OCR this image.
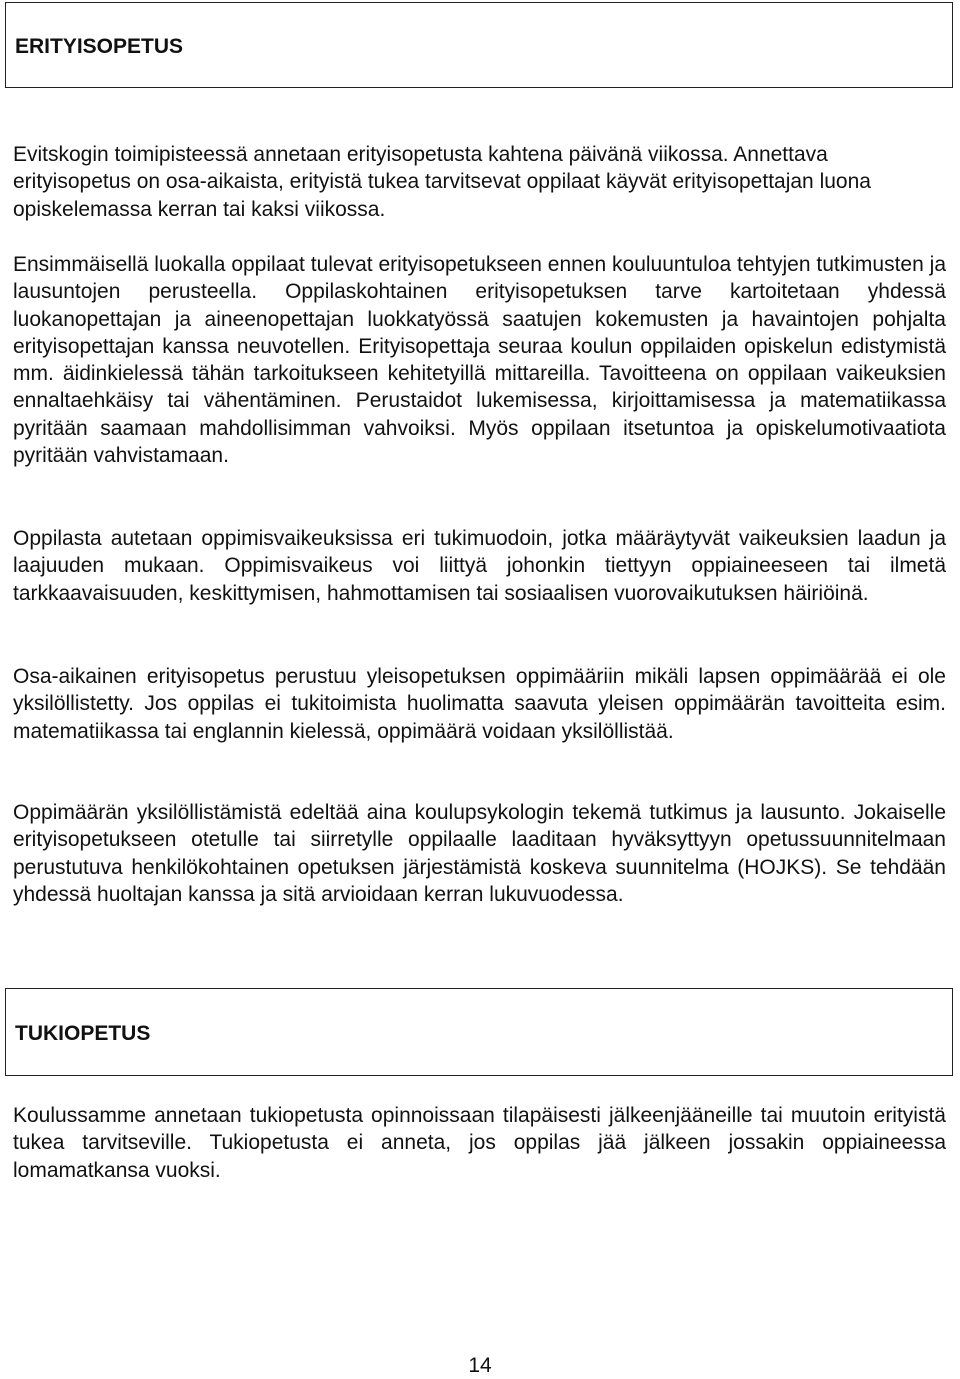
ERITYISOPETUS

Evitskogin toimipisteessä annetaan erityisopetusta kahtena päivänä viikossa. Annettava erityisopetus on osa-aikaista, erityistä tukea tarvitsevat oppilaat käyvät erityisopettajan luona opiskelemassa kerran tai kaksi viikossa.

Ensimmäisellä luokalla oppilaat tulevat erityisopetukseen ennen kouluuntuloa tehtyjen tutkimusten ja lausuntojen perusteella. Oppilaskohtainen erityisopetuksen tarve kartoitetaan yhdessä luokanopettajan ja aineenopettajan luokkatyössä saatujen kokemusten ja havaintojen pohjalta erityisopettajan kanssa neuvotellen. Erityisopettaja seuraa koulun oppilaiden opiskelun edistymistä mm. äidinkielessä tähän tarkoitukseen kehitetyillä mittareilla. Tavoitteena on oppilaan vaikeuksien ennaltaehkäisy tai vähentäminen. Perustaidot lukemisessa, kirjoittamisessa ja matematiikassa pyritään saamaan mahdollisimman vahvoiksi. Myös oppilaan itsetuntoa ja opiskelumotivaatiota pyritään vahvistamaan.

Oppilasta autetaan oppimisvaikeuksissa eri tukimuodoin, jotka määräytyvät vaikeuksien laadun ja laajuuden mukaan. Oppimisvaikeus voi liittyä johonkin tiettyyn oppiaineeseen tai ilmetä tarkkaavaisuuden, keskittymisen, hahmottamisen tai sosiaalisen vuorovaikutuksen häiriöinä.

Osa-aikainen erityisopetus perustuu yleisopetuksen oppimääriin mikäli lapsen oppimäärää ei ole yksilöllistetty. Jos oppilas ei tukitoimista huolimatta saavuta yleisen oppimäärän tavoitteita esim. matematiikassa tai englannin kielessä, oppimäärä voidaan yksilöllistää.

Oppimäärän yksilöllistämistä edeltää aina koulupsykologin tekemä tutkimus ja lausunto. Jokaiselle erityisopetukseen otetulle tai siirretylle oppilaalle laaditaan hyväksyttyyn opetussuunnitelmaan perustutuva henkilökohtainen opetuksen järjestämistä koskeva suunnitelma (HOJKS). Se tehdään yhdessä huoltajan kanssa ja sitä arvioidaan kerran lukuvuodessa.

TUKIOPETUS

Koulussamme annetaan tukiopetusta opinnoissaan tilapäisesti jälkeenjääneille tai muutoin erityistä tukea tarvitseville. Tukiopetusta ei anneta, jos oppilas jää jälkeen jossakin oppiaineessa lomamatkansa vuoksi.

14
